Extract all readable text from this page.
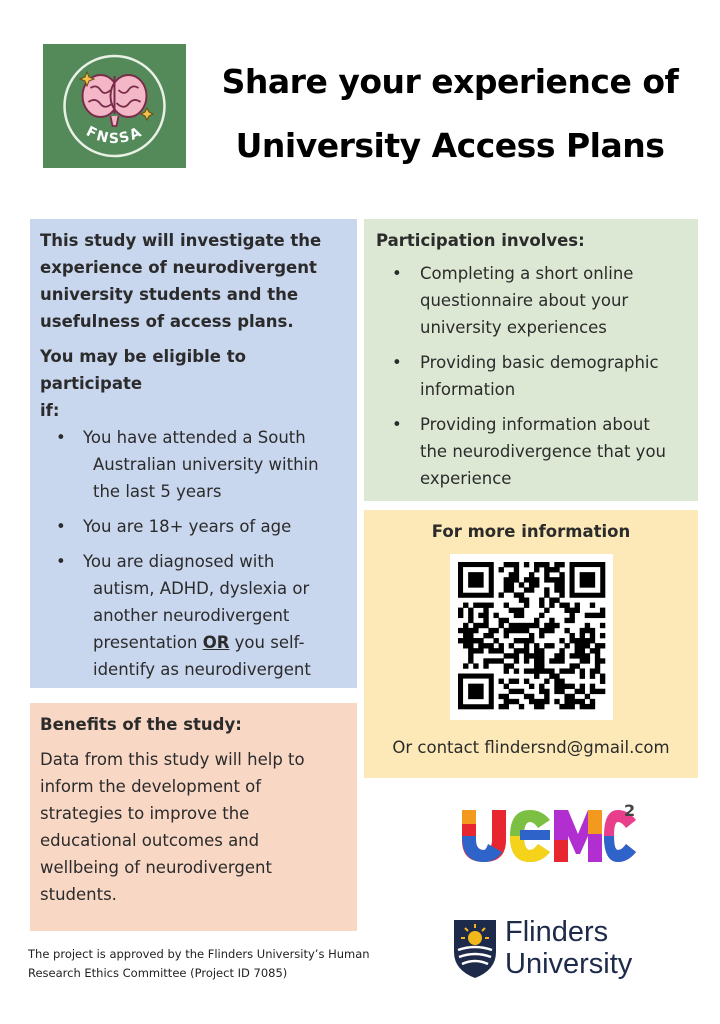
FNSSA
Share your experience of
University Access Plans
This study will investigate the
experience of neurodivergent
university students and the
usefulness of access plans.
You may be eligible to participate
if:
• You have attended a South
Australian university within
the last 5 years
• You are 18+ years of age
• You are diagnosed with
autism, ADHD, dyslexia or
another neurodivergent
presentation OR you self-
identify as neurodivergent
Participation involves:
• Completing a short online
questionnaire about your
university experiences
• Providing basic demographic
information
• Providing information about
the neurodivergence that you
experience
For more information
Or contact flindersnd@gmail.com
Benefits of the study:
Data from this study will help to
inform the development of
strategies to improve the
educational outcomes and
wellbeing of neurodivergent
students.
The project is approved by the Flinders University’s Human
Research Ethics Committee (Project ID 7085)
2
Flinders
University
